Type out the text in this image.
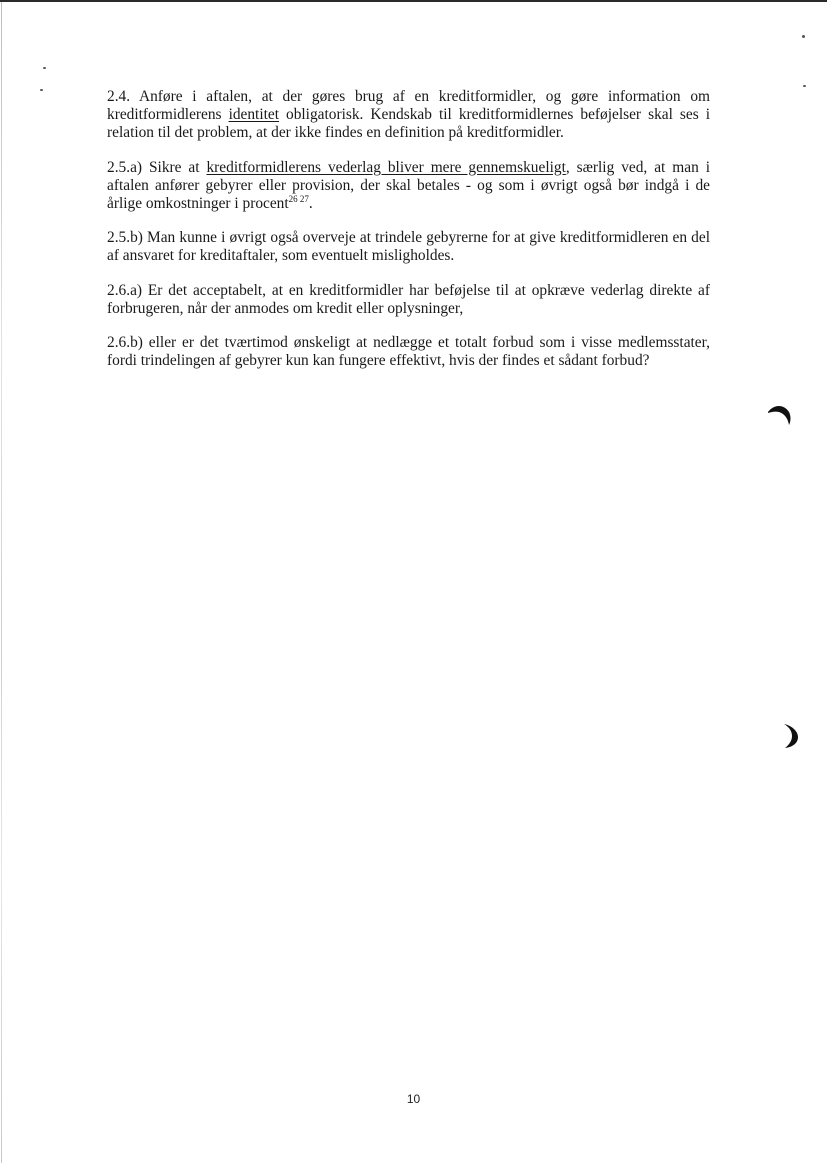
2.4. Anføre i aftalen, at der gøres brug af en kreditformidler, og gøre information om kreditformidlerens identitet obligatorisk. Kendskab til kreditformidlernes beføjelser skal ses i relation til det problem, at der ikke findes en definition på kreditformidler.

2.5.a) Sikre at kreditformidlerens vederlag bliver mere gennemskueligt, særlig ved, at man i aftalen anfører gebyrer eller provision, der skal betales - og som i øvrigt også bør indgå i de årlige omkostninger i procent$^{26 27}$.

2.5.b) Man kunne i øvrigt også overveje at trindele gebyrerne for at give kreditformidleren en del af ansvaret for kreditaftaler, som eventuelt misligholdes.

2.6.a) Er det acceptabelt, at en kreditformidler har beføjelse til at opkræve vederlag direkte af forbrugeren, når der anmodes om kredit eller oplysninger,

2.6.b) eller er det tværtimod ønskeligt at nedlægge et totalt forbud som i visse medlemsstater, fordi trindelingen af gebyrer kun kan fungere effektivt, hvis der findes et sådant forbud?

10
